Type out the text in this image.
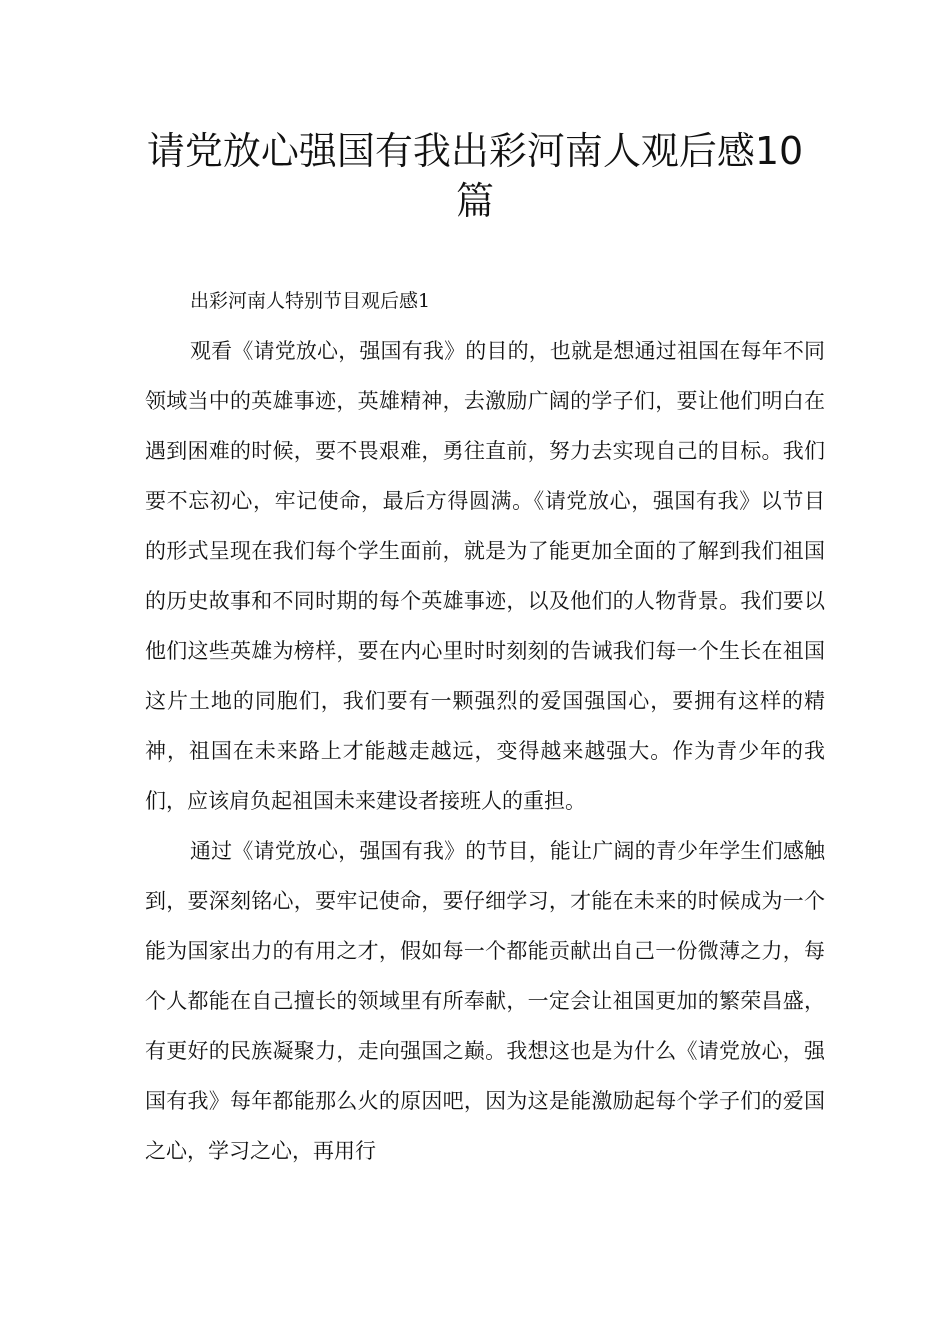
请党放心强国有我出彩河南人观后感10篇

出彩河南人特别节目观后感1

观看《请党放心，强国有我》的目的，也就是想通过祖国在每年不同领域当中的英雄事迹，英雄精神，去激励广阔的学子们，要让他们明白在遇到困难的时候，要不畏艰难，勇往直前，努力去实现自己的目标。我们要不忘初心，牢记使命，最后方得圆满。《请党放心，强国有我》以节目的形式呈现在我们每个学生面前，就是为了能更加全面的了解到我们祖国的历史故事和不同时期的每个英雄事迹，以及他们的人物背景。我们要以他们这些英雄为榜样，要在内心里时时刻刻的告诫我们每一个生长在祖国这片土地的同胞们，我们要有一颗强烈的爱国强国心，要拥有这样的精神，祖国在未来路上才能越走越远，变得越来越强大。作为青少年的我们，应该肩负起祖国未来建设者接班人的重担。

通过《请党放心，强国有我》的节目，能让广阔的青少年学生们感触到，要深刻铭心，要牢记使命，要仔细学习，才能在未来的时候成为一个能为国家出力的有用之才，假如每一个都能贡献出自己一份微薄之力，每个人都能在自己擅长的领域里有所奉献，一定会让祖国更加的繁荣昌盛，有更好的民族凝聚力，走向强国之巅。我想这也是为什么《请党放心，强国有我》每年都能那么火的原因吧，因为这是能激励起每个学子们的爱国之心，学习之心，再用行
